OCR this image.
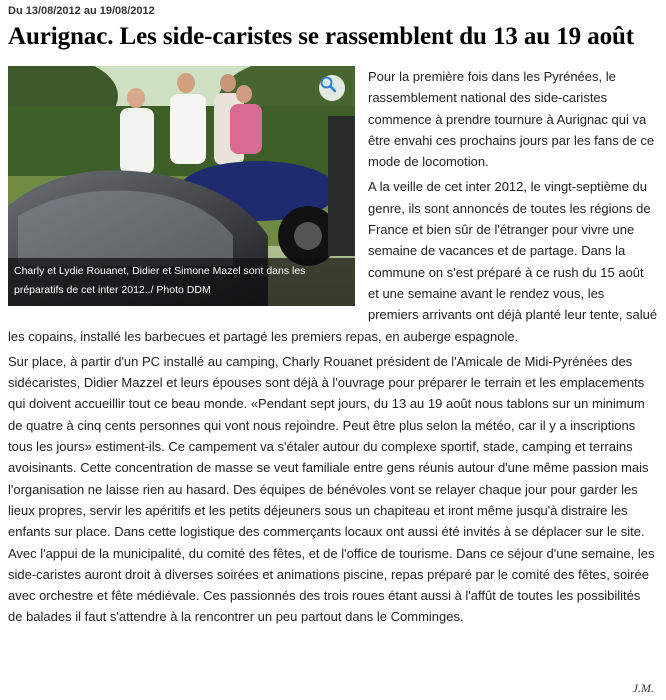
Du 13/08/2012 au 19/08/2012
Aurignac. Les side-caristes se rassemblent du 13 au 19 août
Charly et Lydie Rouanet, Didier et Simone Mazel sont dans les préparatifs de cet inter 2012../ Photo DDM

Pour la première fois dans les Pyrénées, le rassemblement national des side-caristes commence à prendre tournure à Aurignac qui va être envahi ces prochains jours par les fans de ce mode de locomotion.

A la veille de cet inter 2012, le vingt-septième du genre, ils sont annoncés de toutes les régions de France et bien sûr de l'étranger pour vivre une semaine de vacances et de partage. Dans la commune on s'est préparé à ce rush du 15 août et une semaine avant le rendez vous, les premiers arrivants ont déjà planté leur tente, salué les copains, installé les barbecues et partagé les premiers repas, en auberge espagnole.

Sur place, à partir d'un PC installé au camping, Charly Rouanet président de l'Amicale de Midi-Pyrénées des sidécaristes, Didier Mazzel et leurs épouses sont déjà à l'ouvrage pour préparer le terrain et les emplacements qui doivent accueillir tout ce beau monde. «Pendant sept jours, du 13 au 19 août nous tablons sur un minimum de quatre à cinq cents personnes qui vont nous rejoindre. Peut être plus selon la météo, car il y a inscriptions tous les jours» estiment-ils. Ce campement va s'étaler autour du complexe sportif, stade, camping et terrains avoisinants. Cette concentration de masse se veut familiale entre gens réunis autour d'une même passion mais l'organisation ne laisse rien au hasard. Des équipes de bénévoles vont se relayer chaque jour pour garder les lieux propres, servir les apéritifs et les petits déjeuners sous un chapiteau et iront même jusqu'à distraire les enfants sur place. Dans cette logistique des commerçants locaux ont aussi été invités à se déplacer sur le site. Avec l'appui de la municipalité, du comité des fêtes, et de l'office de tourisme. Dans ce séjour d'une semaine, les side-caristes auront droit à diverses soirées et animations piscine, repas préparé par le comité des fêtes, soirée avec orchestre et fête médiévale. Ces passionnés des trois roues étant aussi à l'affût de toutes les possibilités de balades il faut s'attendre à la rencontrer un peu partout dans le Comminges.

J.M.
